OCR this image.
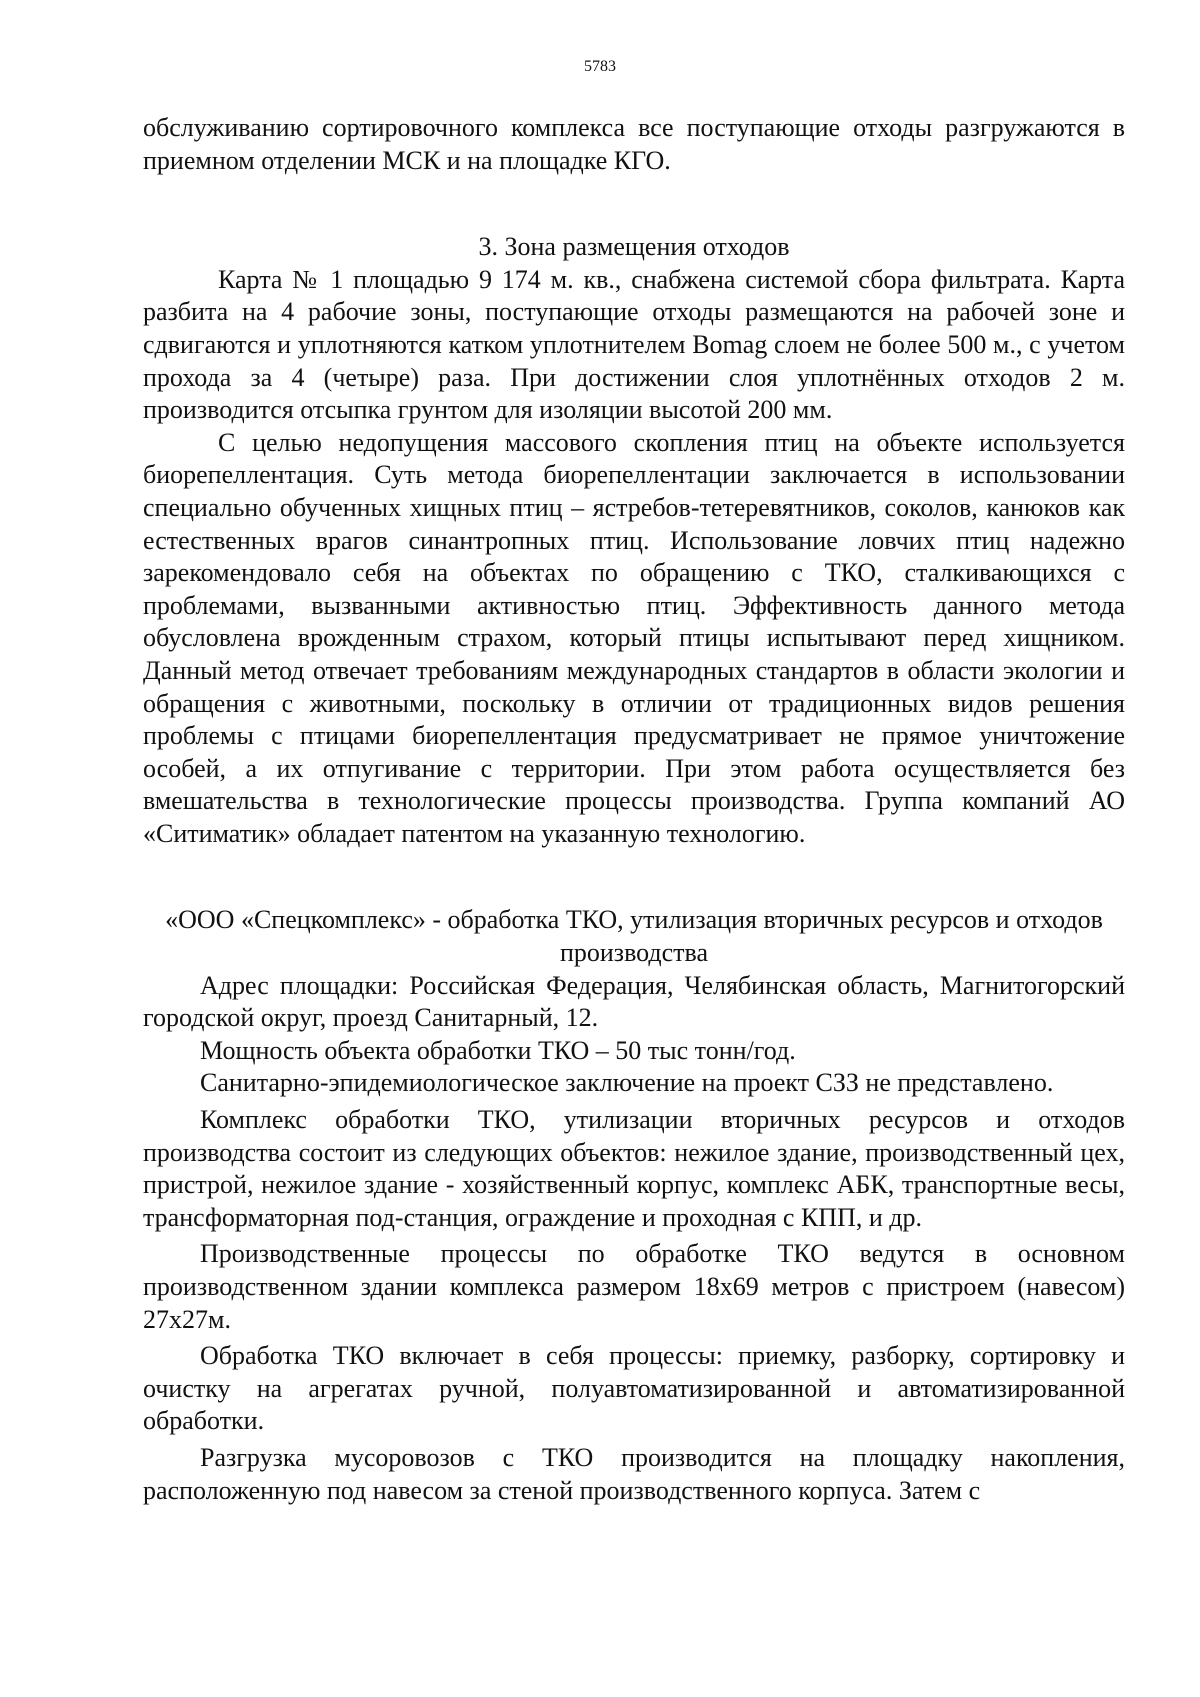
5783

обслуживанию сортировочного комплекса все поступающие отходы разгружаются в приемном отделении МСК и на площадке КГО.

3. Зона размещения отходов

Карта № 1 площадью 9 174 м. кв., снабжена системой сбора фильтрата. Карта разбита на 4 рабочие зоны, поступающие отходы размещаются на рабочей зоне и сдвигаются и уплотняются катком уплотнителем Bomag слоем не более 500 м., с учетом прохода за 4 (четыре) раза. При достижении слоя уплотнённых отходов 2 м. производится отсыпка грунтом для изоляции высотой 200 мм.

С целью недопущения массового скопления птиц на объекте используется биорепеллентация. Суть метода биорепеллентации заключается в использовании специально обученных хищных птиц – ястребов-тетеревятников, соколов, канюков как естественных врагов синантропных птиц. Использование ловчих птиц надежно зарекомендовало себя на объектах по обращению с ТКО, сталкивающихся с проблемами, вызванными активностью птиц. Эффективность данного метода обусловлена врожденным страхом, который птицы испытывают перед хищником. Данный метод отвечает требованиям международных стандартов в области экологии и обращения с животными, поскольку в отличии от традиционных видов решения проблемы с птицами биорепеллентация предусматривает не прямое уничтожение особей, а их отпугивание с территории. При этом работа осуществляется без вмешательства в технологические процессы производства. Группа компаний АО «Ситиматик» обладает патентом на указанную технологию.

«ООО «Спецкомплекс» - обработка ТКО, утилизация вторичных ресурсов и отходов производства

Адрес площадки: Российская Федерация, Челябинская область, Магнитогорский городской округ, проезд Санитарный, 12.

Мощность объекта обработки ТКО – 50 тыс тонн/год.

Санитарно-эпидемиологическое заключение на проект СЗЗ не представлено.

Комплекс обработки ТКО, утилизации вторичных ресурсов и отходов производства состоит из следующих объектов: нежилое здание, производственный цех, пристрой, нежилое здание - хозяйственный корпус, комплекс АБК, транспортные весы, трансформаторная под-станция, ограждение и проходная с КПП, и др.

Производственные процессы по обработке ТКО ведутся в основном производственном здании комплекса размером 18х69 метров с пристроем (навесом) 27х27м.

Обработка ТКО включает в себя процессы: приемку, разборку, сортировку и очистку на агрегатах ручной, полуавтоматизированной и автоматизированной обработки.

Разгрузка мусоровозов с ТКО производится на площадку накопления, расположенную под навесом за стеной производственного корпуса. Затем с
